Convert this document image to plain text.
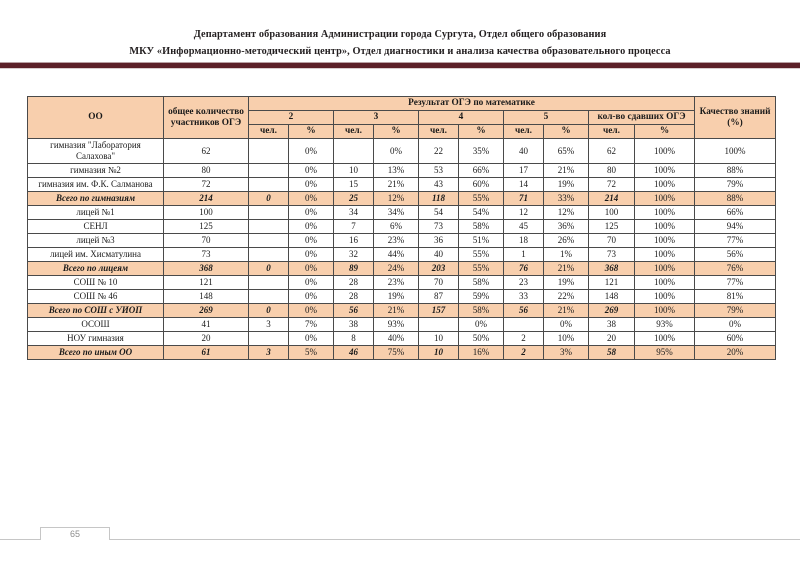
Департамент образования Администрации города Сургута, Отдел общего образования
МКУ «Информационно-методический центр», Отдел диагностики и анализа качества образовательного процесса
ОО	общее количество участников ОГЭ	Результат ОГЭ по математике										Качество знаний (%)
		2		3		4		5		кол-во сдавших ОГЭ		
		чел.	%	чел.	%	чел.	%	чел.	%	чел.	%	
гимназия "Лаборатория Салахова"	62		0%		0%	22	35%	40	65%	62	100%	100%
гимназия №2	80		0%	10	13%	53	66%	17	21%	80	100%	88%
гимназия им. Ф.К. Салманова	72		0%	15	21%	43	60%	14	19%	72	100%	79%
Всего по гимназиям	214	0	0%	25	12%	118	55%	71	33%	214	100%	88%
лицей №1	100		0%	34	34%	54	54%	12	12%	100	100%	66%
СЕНЛ	125		0%	7	6%	73	58%	45	36%	125	100%	94%
лицей №3	70		0%	16	23%	36	51%	18	26%	70	100%	77%
лицей им. Хисматулина	73		0%	32	44%	40	55%	1	1%	73	100%	56%
Всего по лицеям	368	0	0%	89	24%	203	55%	76	21%	368	100%	76%
СОШ № 10	121		0%	28	23%	70	58%	23	19%	121	100%	77%
СОШ № 46	148		0%	28	19%	87	59%	33	22%	148	100%	81%
Всего по СОШ с УИОП	269	0	0%	56	21%	157	58%	56	21%	269	100%	79%
ОСОШ	41	3	7%	38	93%		0%		0%	38	93%	0%
НОУ гимназия	20		0%	8	40%	10	50%	2	10%	20	100%	60%
Всего по иным ОО	61	3	5%	46	75%	10	16%	2	3%	58	95%	20%
65
